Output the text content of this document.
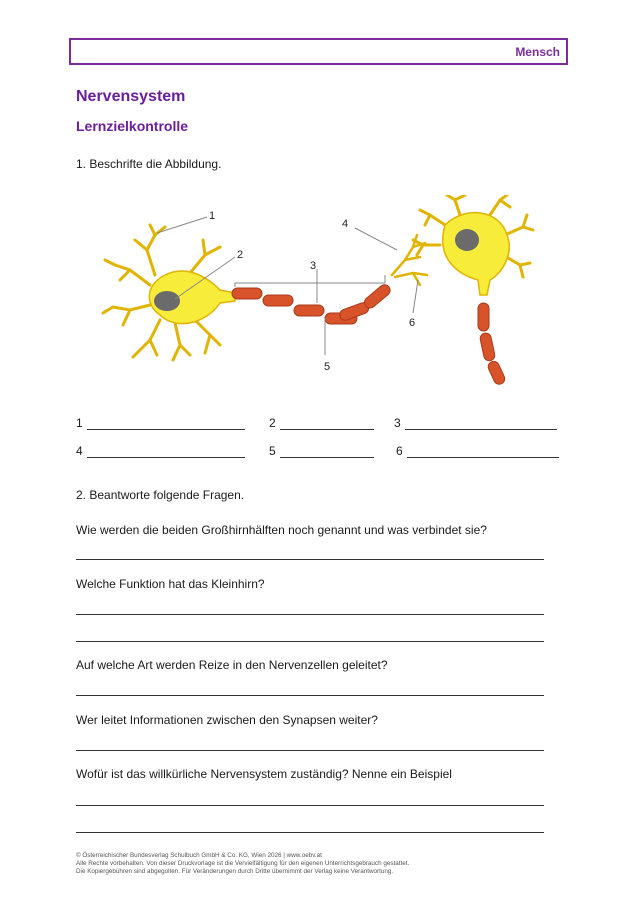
Mensch
Nervensystem
Lernzielkontrolle
1. Beschrifte die Abbildung.
1
2
3
4
5
6
1	2	3
4	5	6
2. Beantworte folgende Fragen.
Wie werden die beiden Großhirnhälften noch genannt und was verbindet sie?
Welche Funktion hat das Kleinhirn?
Auf welche Art werden Reize in den Nervenzellen geleitet?
Wer leitet Informationen zwischen den Synapsen weiter?
Wofür ist das willkürliche Nervensystem zuständig? Nenne ein Beispiel
© Österreichischer Bundesverlag Schulbuch GmbH & Co. KG, Wien 2026 | www.oebv.at
Alle Rechte vorbehalten. Von dieser Druckvorlage ist die Vervielfältigung für den eigenen Unterrichtsgebrauch gestattet.
Die Kopiergebühren sind abgegolten. Für Veränderungen durch Dritte übernimmt der Verlag keine Verantwortung.
